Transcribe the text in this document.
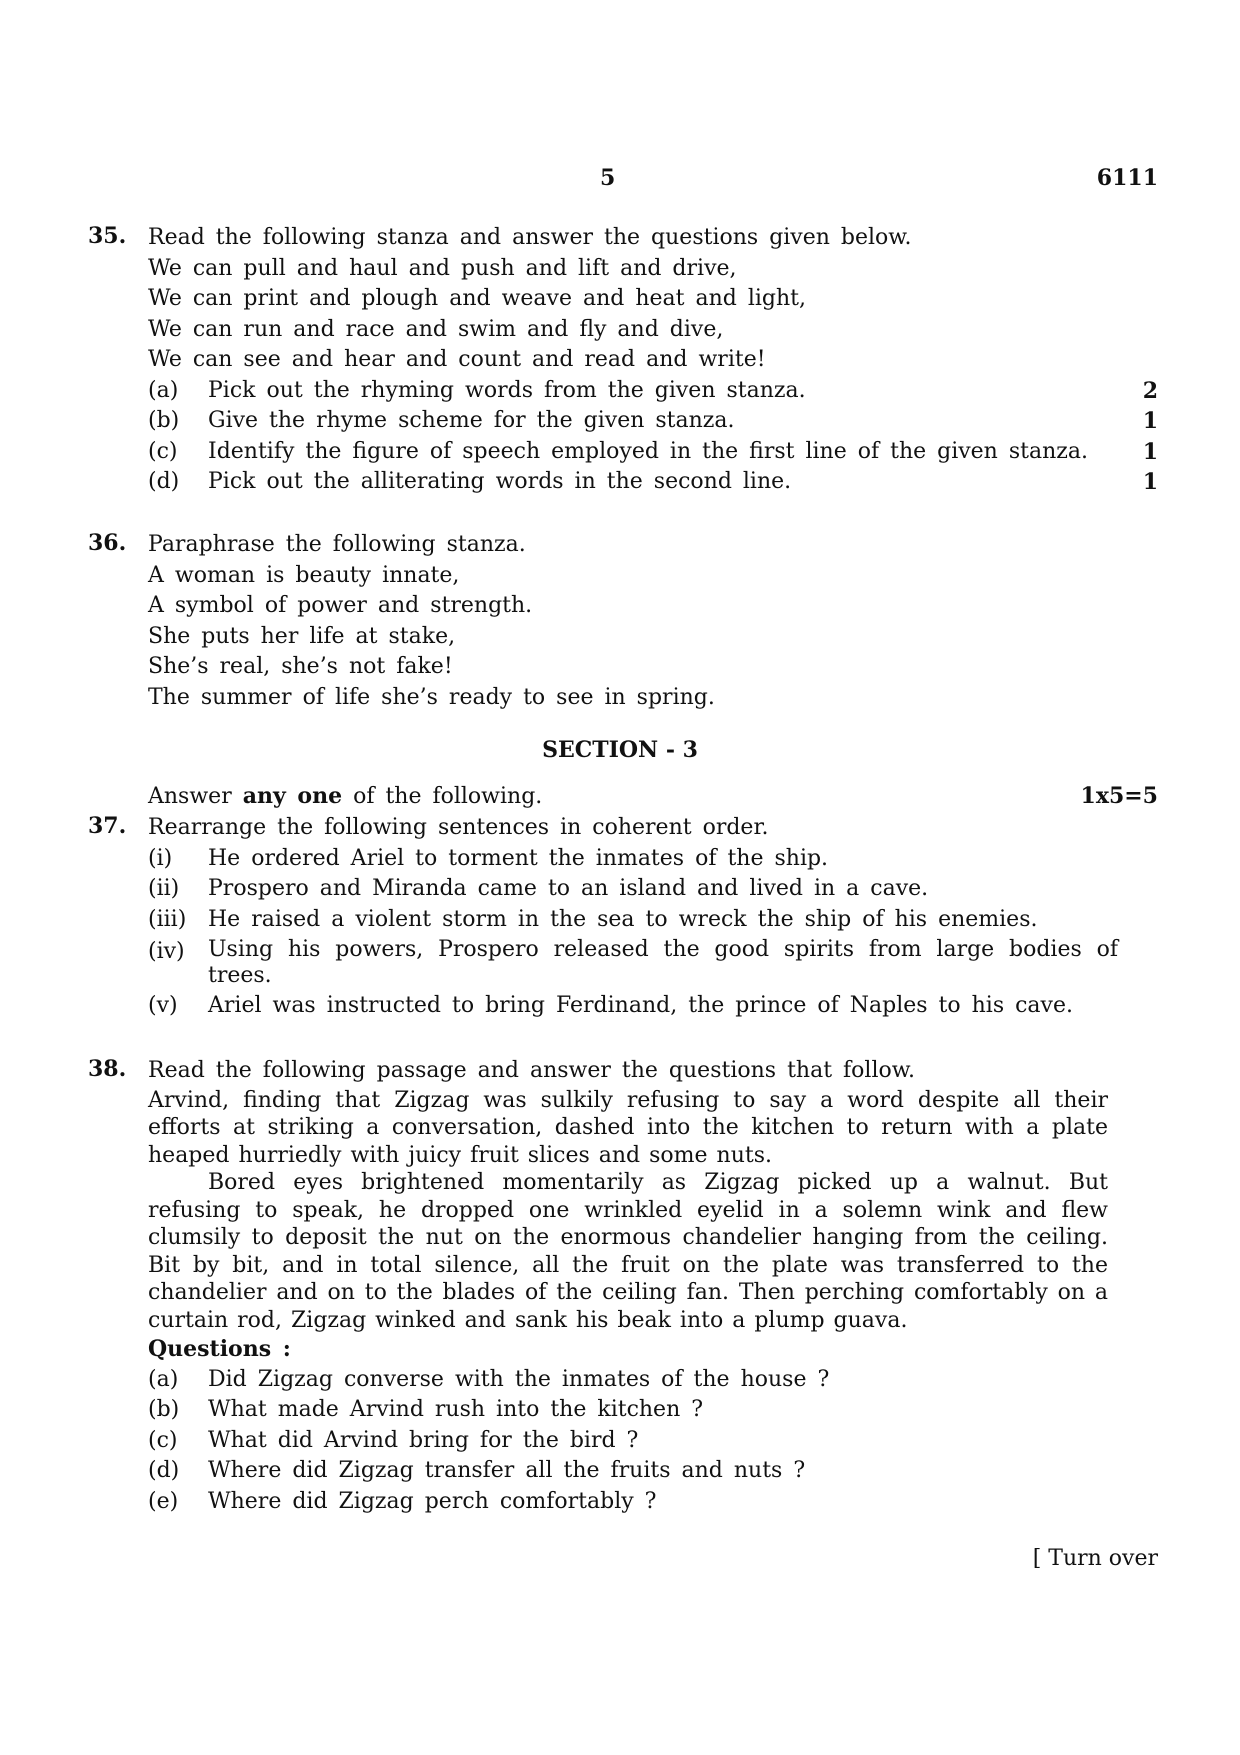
5	6111
35. Read the following stanza and answer the questions given below.
We can pull and haul and push and lift and drive,
We can print and plough and weave and heat and light,
We can run and race and swim and fly and dive,
We can see and hear and count and read and write!
(a)	Pick out the rhyming words from the given stanza.	2
(b)	Give the rhyme scheme for the given stanza.	1
(c)	Identify the figure of speech employed in the first line of the given stanza.	1
(d)	Pick out the alliterating words in the second line.	1
36. Paraphrase the following stanza.
A woman is beauty innate,
A symbol of power and strength.
She puts her life at stake,
She’s real, she’s not fake!
The summer of life she’s ready to see in spring.
SECTION - 3
Answer any one of the following.	1x5=5
37. Rearrange the following sentences in coherent order.
(i)	He ordered Ariel to torment the inmates of the ship.
(ii)	Prospero and Miranda came to an island and lived in a cave.
(iii) He raised a violent storm in the sea to wreck the ship of his enemies.
(iv)	Using his powers, Prospero released the good spirits from large bodies of trees.
(v)	Ariel was instructed to bring Ferdinand, the prince of Naples to his cave.
38. Read the following passage and answer the questions that follow.
Arvind, finding that Zigzag was sulkily refusing to say a word despite all their efforts at striking a conversation, dashed into the kitchen to return with a plate heaped hurriedly with juicy fruit slices and some nuts.
Bored eyes brightened momentarily as Zigzag picked up a walnut. But refusing to speak, he dropped one wrinkled eyelid in a solemn wink and flew clumsily to deposit the nut on the enormous chandelier hanging from the ceiling. Bit by bit, and in total silence, all the fruit on the plate was transferred to the chandelier and on to the blades of the ceiling fan. Then perching comfortably on a curtain rod, Zigzag winked and sank his beak into a plump guava.
Questions :
(a)	Did Zigzag converse with the inmates of the house ?
(b)	What made Arvind rush into the kitchen ?
(c)	What did Arvind bring for the bird ?
(d)	Where did Zigzag transfer all the fruits and nuts ?
(e)	Where did Zigzag perch comfortably ?
[ Turn over
